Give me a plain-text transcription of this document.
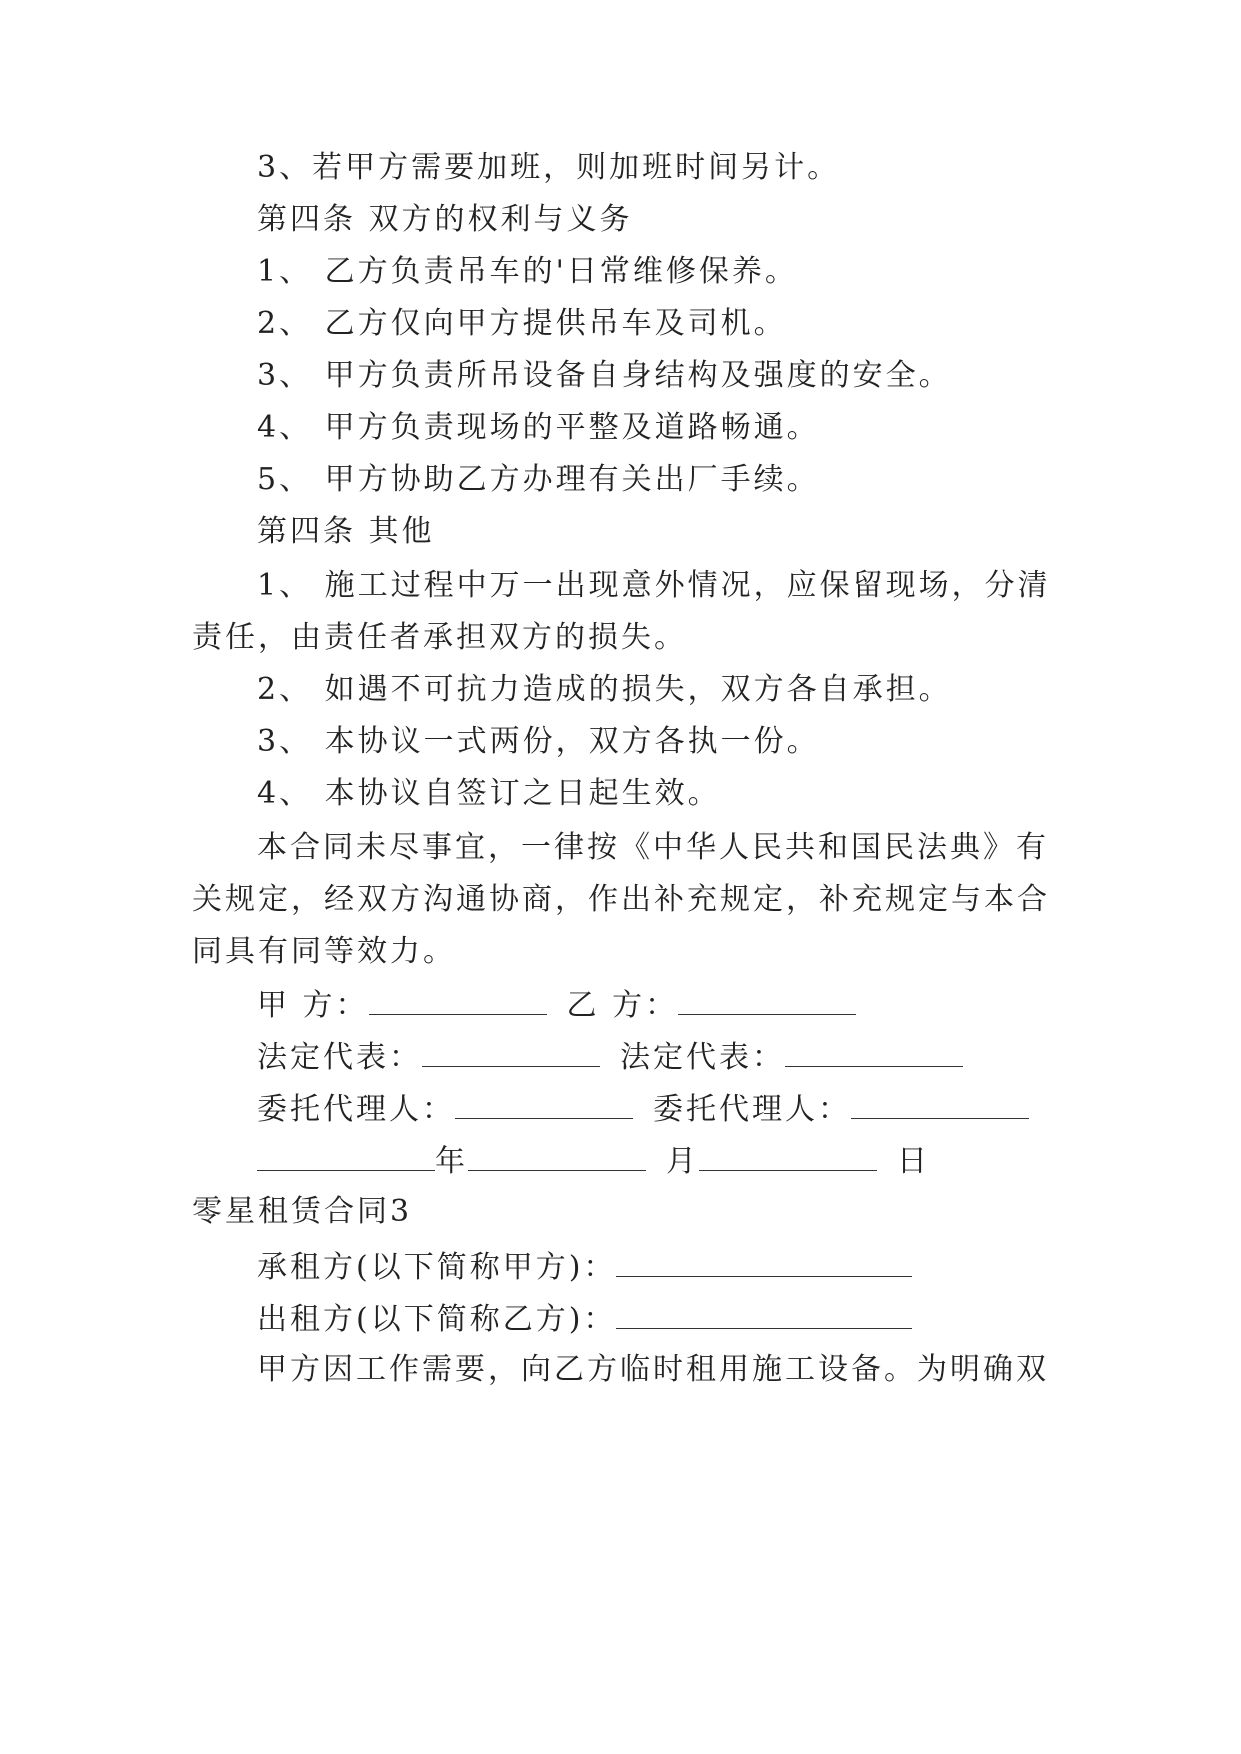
3、若甲方需要加班，则加班时间另计。
第四条 双方的权利与义务
1、 乙方负责吊车的'日常维修保养。
2、 乙方仅向甲方提供吊车及司机。
3、 甲方负责所吊设备自身结构及强度的安全。
4、 甲方负责现场的平整及道路畅通。
5、 甲方协助乙方办理有关出厂手续。
第四条 其他
1、 施工过程中万一出现意外情况，应保留现场，分清
责任，由责任者承担双方的损失。
2、 如遇不可抗力造成的损失，双方各自承担。
3、 本协议一式两份，双方各执一份。
4、 本协议自签订之日起生效。
本合同未尽事宜，一律按《中华人民共和国民法典》有
关规定，经双方沟通协商，作出补充规定，补充规定与本合
同具有同等效力。
甲 方：	乙 方：
法定代表：	法定代表：
委托代理人：	委托代理人：
年	月	日
零星租赁合同3
承租方(以下简称甲方)：
出租方(以下简称乙方)：
甲方因工作需要，向乙方临时租用施工设备。为明确双
